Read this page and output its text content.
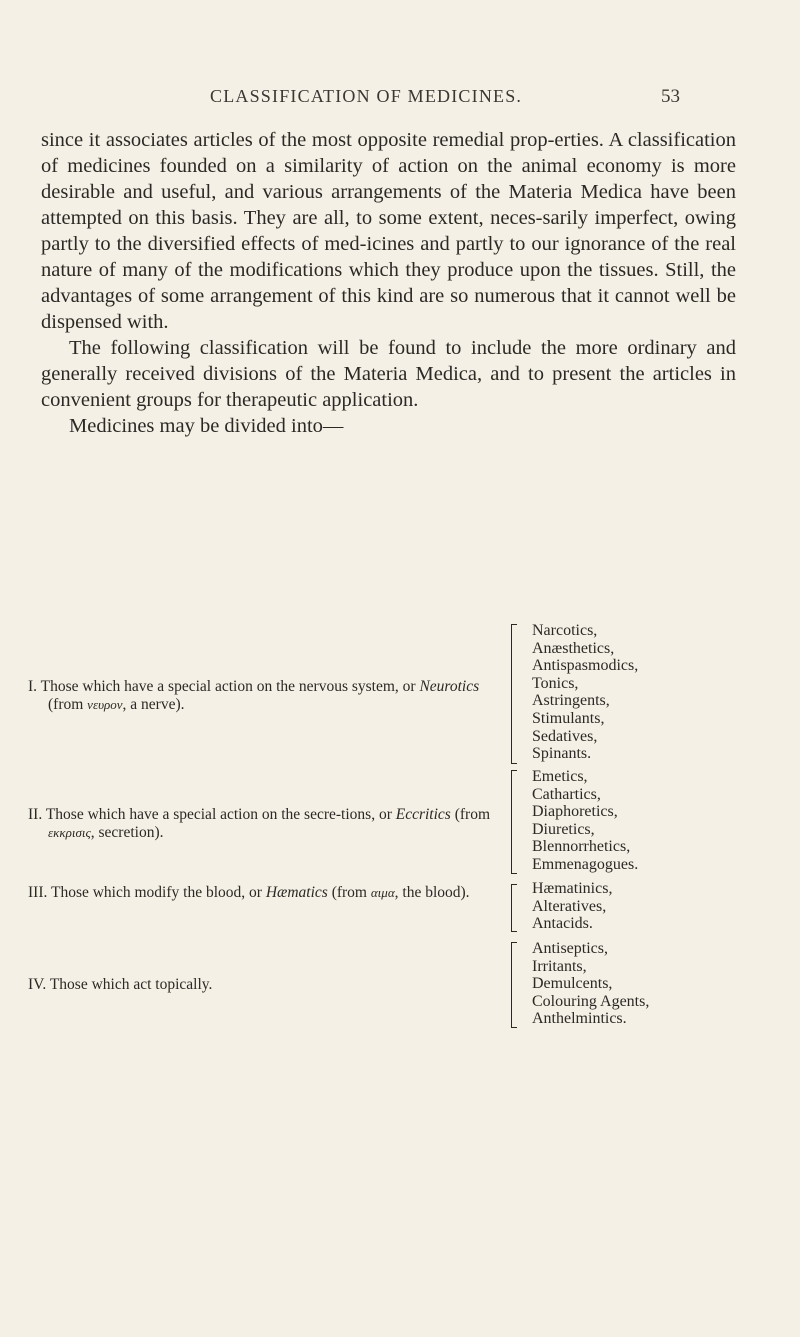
CLASSIFICATION OF MEDICINES.	53

since it associates articles of the most opposite remedial prop-erties. A classification of medicines founded on a similarity of action on the animal economy is more desirable and useful, and various arrangements of the Materia Medica have been attempted on this basis. They are all, to some extent, neces-sarily imperfect, owing partly to the diversified effects of med-icines and partly to our ignorance of the real nature of many of the modifications which they produce upon the tissues. Still, the advantages of some arrangement of this kind are so numerous that it cannot well be dispensed with.

The following classification will be found to include the more ordinary and generally received divisions of the Materia Medica, and to present the articles in convenient groups for therapeutic application.

Medicines may be divided into—

I. Those which have a special action on the nervous system, or Neurotics (from νευρον, a nerve).
Narcotics,
Anæsthetics,
Antispasmodics,
Tonics,
Astringents,
Stimulants,
Sedatives,
Spinants.
II. Those which have a special action on the secre-tions, or Eccritics (from εκκρισις, secretion).
Emetics,
Cathartics,
Diaphoretics,
Diuretics,
Blennorrhetics,
Emmenagogues.
III. Those which modify the blood, or Hæmatics (from αιμα, the blood).	Hæmatinics,
Alteratives,
Antacids.
IV. Those which act topically.
Antiseptics,
Irritants,
Demulcents,
Colouring Agents,
Anthelmintics.
